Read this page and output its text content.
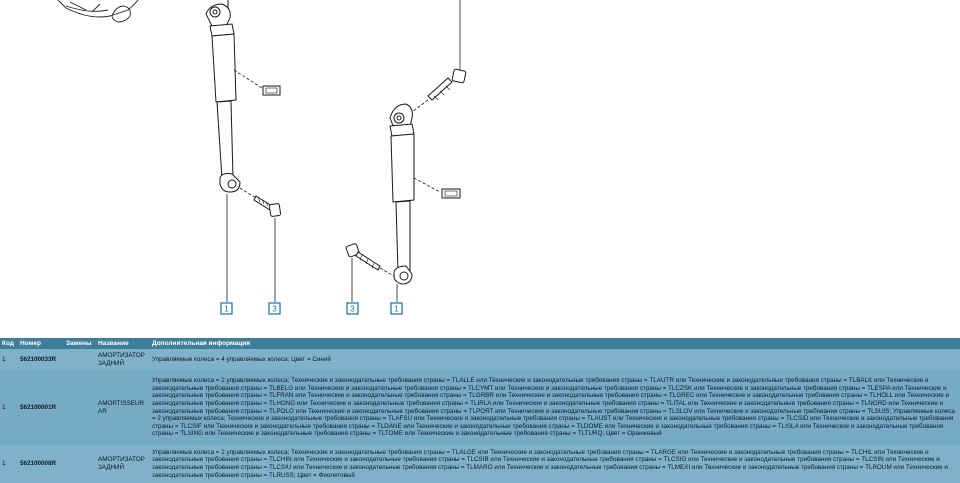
1	3	3	1
Код	Номер	Замены	Название	Дополнительная информация
1	562100033R		АМОРТИЗАТОР ЗАДНИЙ	Управляемые колеса = 4 управляемых колеса; Цвет = Синий
1	562100001R		AMORTISSEUR AR	Управляемые колеса = 2 управляемых колеса; Технические и законодательные требования страны = TLALLE или Технические и законодательные требования страны = TLAUTR или Технические и законодательные требования страны = TLBALK или Технические и законодательные требования страны = TLBELG или Технические и законодательные требования страны = TLCYMT или Технические и законодательные требования страны = TLCZSK или Технические и законодательные требования страны = TLESPA или Технические и законодательные требования страны = TLFRAN или Технические и законодательные требования страны = TLGRBR или Технические и законодательные требования страны = TLGREC или Технические и законодательные требования страны = TLHOLL или Технические и законодательные требования страны = TLHONG или Технические и законодательные требования страны = TLIRLA или Технические и законодательные требования страны = TLITAL или Технические и законодательные требования страны = TLNORD или Технические и законодательные требования страны = TLPOLO или Технические и законодательные требования страны = TLPORT или Технические и законодательные требования страны = TLSLOV или Технические и законодательные требования страны = TLSUIS; Управляемые колеса = 2 управляемых колеса; Технические и законодательные требования страны = TLAFSU или Технические и законодательные требования страны = TLAUST или Технические и законодательные требования страны = TLCSID или Технические и законодательные требования страны = TLCSIF или Технические и законодательные требования страны = TLDANE или Технические и законодательные требования страны = TLDOME или Технические и законодательные требования страны = TLISLA или Технические и законодательные требования страны = TLSING или Технические и законодательные требования страны = TLTOME или Технические и законодательные требования страны = TLTURQ; Цвет = Оранжевый
1	562100008R		АМОРТИЗАТОР ЗАДНИЙ	Управляемые колеса = 2 управляемых колеса; Технические и законодательные требования страны = TLALGE или Технические и законодательные требования страны = TLARGE или Технические и законодательные требования страны = TLCHIL или Технические и законодательные требования страны = TLCHIN или Технические и законодательные требования страны = TLCSIB или Технические и законодательные требования страны = TLCSIG или Технические и законодательные требования страны = TLCSIN или Технические и законодательные требования страны = TLCSIU или Технические и законодательные требования страны = TLMARO или Технические и законодательные требования страны = TLMEXI или Технические и законодательные требования страны = TLROUM или Технические и законодательные требования страны = TLRUSS; Цвет = Фиолетовый
